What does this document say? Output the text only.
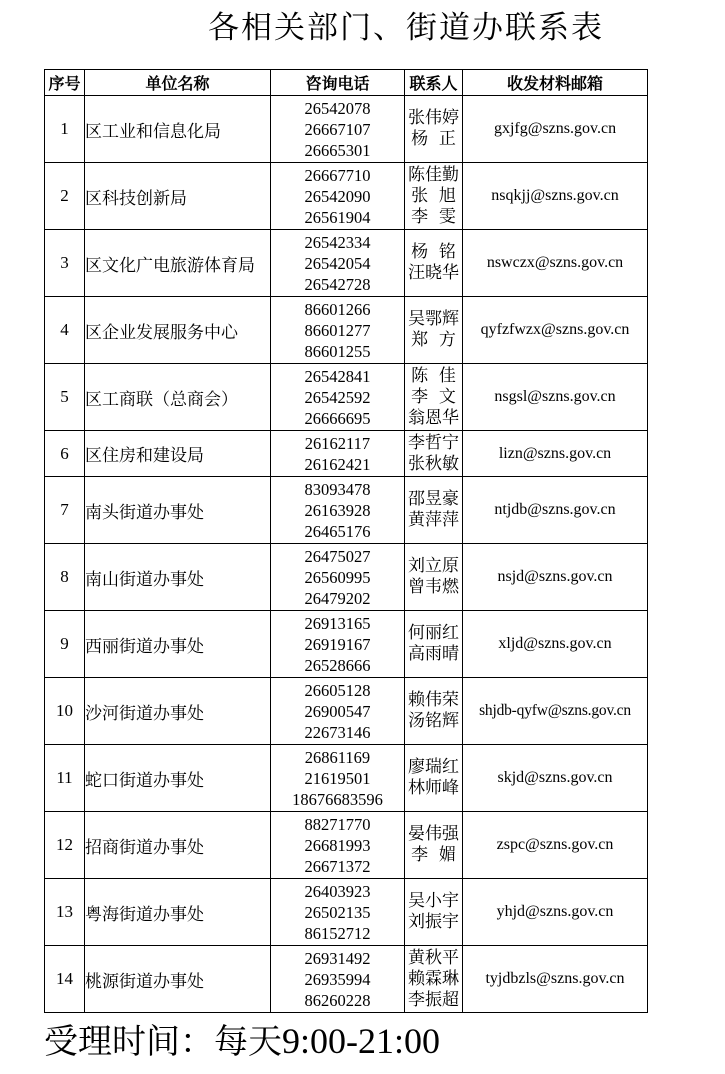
各相关部门、街道办联系表
序号	单位名称	咨询电话	联系人	收发材料邮箱
1	区工业和信息化局	26542078
26667107
26665301	张伟婷
杨  正	gxjfg@szns.gov.cn
2	区科技创新局	26667710
26542090
26561904	陈佳勤
张  旭
李  雯	nsqkjj@szns.gov.cn
3	区文化广电旅游体育局	26542334
26542054
26542728	杨  铭
汪晓华	nswczx@szns.gov.cn
4	区企业发展服务中心	86601266
86601277
86601255	吴鄂辉
郑  方	qyfzfwzx@szns.gov.cn
5	区工商联（总商会）	26542841
26542592
26666695	陈  佳
李  文
翁恩华	nsgsl@szns.gov.cn
6	区住房和建设局	26162117
26162421	李哲宁
张秋敏	lizn@szns.gov.cn
7	南头街道办事处	83093478
26163928
26465176	邵昱豪
黄萍萍	ntjdb@szns.gov.cn
8	南山街道办事处	26475027
26560995
26479202	刘立原
曾韦燃	nsjd@szns.gov.cn
9	西丽街道办事处	26913165
26919167
26528666	何丽红
高雨晴	xljd@szns.gov.cn
10	沙河街道办事处	26605128
26900547
22673146	赖伟荣
汤铭辉	shjdb-qyfw@szns.gov.cn
11	蛇口街道办事处	26861169
21619501
18676683596	廖瑞红
林师峰	skjd@szns.gov.cn
12	招商街道办事处	88271770
26681993
26671372	晏伟强
李  媚	zspc@szns.gov.cn
13	粤海街道办事处	26403923
26502135
86152712	吴小宇
刘振宇	yhjd@szns.gov.cn
14	桃源街道办事处	26931492
26935994
86260228	黄秋平
赖霖琳
李振超	tyjdbzls@szns.gov.cn
受理时间：每天9:00-21:00
